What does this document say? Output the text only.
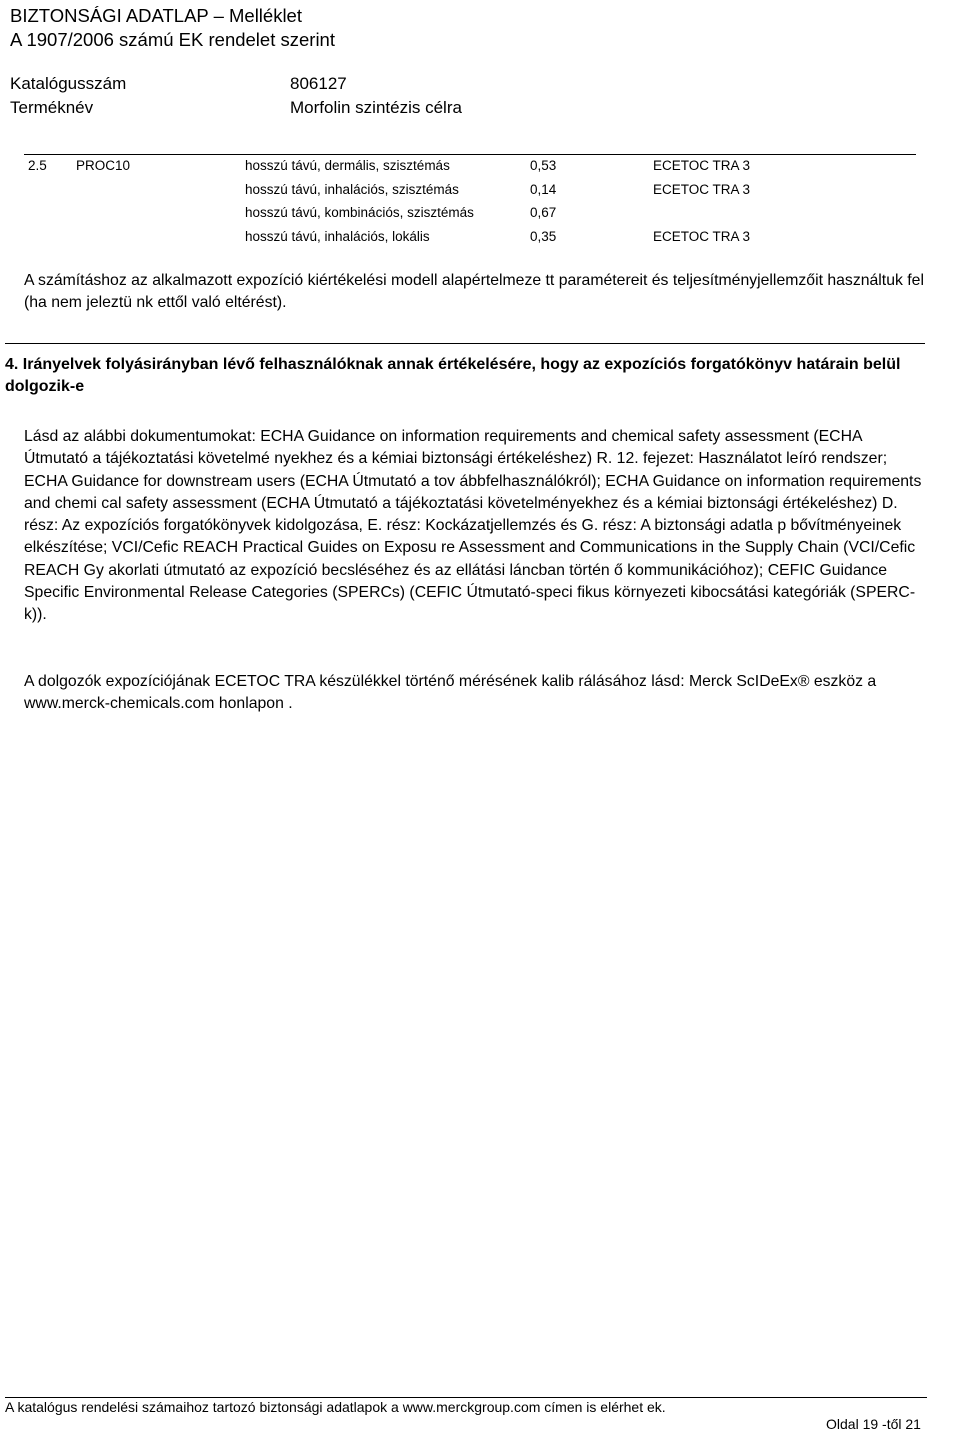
BIZTONSÁGI ADATLAP – Melléklet
A 1907/2006 számú EK rendelet szerint
Katalógusszám	806127
Terméknév	Morfolin szintézis célra
2.5 PROC10	hosszú távú, dermális, szisztémás	0,53	ECETOC TRA 3
hosszú távú, inhalációs, szisztémás	0,14	ECETOC TRA 3
hosszú távú, kombinációs, szisztémás	0,67
hosszú távú, inhalációs, lokális	0,35	ECETOC TRA 3
A számításhoz az alkalmazott expozíció kiértékelési modell alapértelmeze tt paramétereit és teljesítményjellemzőit használtuk fel (ha nem jeleztü nk ettől való eltérést).
4. Irányelvek folyásirányban lévő felhasználóknak annak értékelésére, hogy az expozíciós forgatókönyv határain belül dolgozik-e
Lásd az alábbi dokumentumokat: ECHA Guidance on information requirements and chemical safety assessment (ECHA Útmutató a tájékoztatási követelmé nyekhez és a kémiai biztonsági értékeléshez) R. 12. fejezet: Használatot leíró rendszer; ECHA Guidance for downstream users (ECHA Útmutató a tov ábbfelhasználókról); ECHA Guidance on information requirements and chemi cal safety assessment (ECHA Útmutató a tájékoztatási követelményekhez és a kémiai biztonsági értékeléshez) D. rész: Az expozíciós forgatókönyvek kidolgozása, E. rész: Kockázatjellemzés és G. rész: A biztonsági adatla p bővítményeinek elkészítése; VCI/Cefic REACH Practical Guides on Exposu re Assessment and Communications in the Supply Chain (VCI/Cefic REACH Gy akorlati útmutató az expozíció becsléséhez és az ellátási láncban történ ő kommunikációhoz); CEFIC Guidance Specific Environmental Release Categories (SPERCs) (CEFIC Útmutató-speci fikus környezeti kibocsátási kategóriák (SPERC-k)).
A dolgozók expozíciójának ECETOC TRA készülékkel történő mérésének kalib rálásához lásd: Merck ScIDeEx® eszköz a www.merck-chemicals.com honlapon .
A katalógus rendelési számaihoz tartozó biztonsági adatlapok a www.merckgroup.com címen is elérhet ek.
Oldal 19 -től 21
